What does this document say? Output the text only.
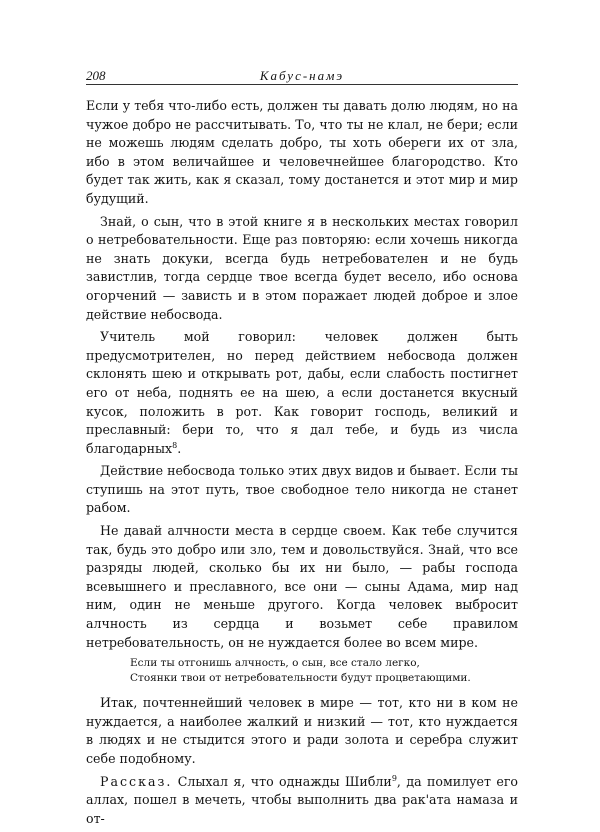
208	Кабус-намэ

Если у тебя что-либо есть, должен ты давать долю людям, но на чужое добро не рассчитывать. То, что ты не клал, не бери; если не можешь людям сделать добро, ты хоть обереги их от зла, ибо в этом величайшее и человечнейшее благородство. Кто будет так жить, как я сказал, тому достанется и этот мир и мир будущий.

Знай, о сын, что в этой книге я в нескольких местах говорил о нетребовательности. Еще раз повторяю: если хочешь никогда не знать докуки, всегда будь нетребователен и не будь завистлив, тогда сердце твое всегда будет весело, ибо основа огорчений — зависть и в этом поражает людей доброе и злое действие небосвода.

Учитель мой говорил: человек должен быть предусмотрителен, но перед действием небосвода должен склонять шею и открывать рот, дабы, если слабость постигнет его от неба, поднять ее на шею, а если достанется вкусный кусок, положить в рот. Как говорит господь, великий и преславный: бери то, что я дал тебе, и будь из числа благодарных$^8$.

Действие небосвода только этих двух видов и бывает. Если ты ступишь на этот путь, твое свободное тело никогда не станет рабом.

Не давай алчности места в сердце своем. Как тебе случится так, будь это добро или зло, тем и довольствуйся. Знай, что все разряды людей, сколько бы их ни было, — рабы господа всевышнего и преславного, все они — сыны Адама, мир над ним, один не меньше другого. Когда человек выбросит алчность из сердца и возьмет себе правилом нетребовательность, он не нуждается более во всем мире.

Если ты отгонишь алчность, о сын, все стало легко,
Стоянки твои от нетребовательности будут процветающими.

Итак, почтеннейший человек в мире — тот, кто ни в ком не нуждается, а наиболее жалкий и низкий — тот, кто нуждается в людях и не стыдится этого и ради золота и серебра служит себе подобному.

Рассказ. Слыхал я, что однажды Шибли$^9$, да помилует его аллах, пошел в мечеть, чтобы выполнить два рак'ата намаза и от-
